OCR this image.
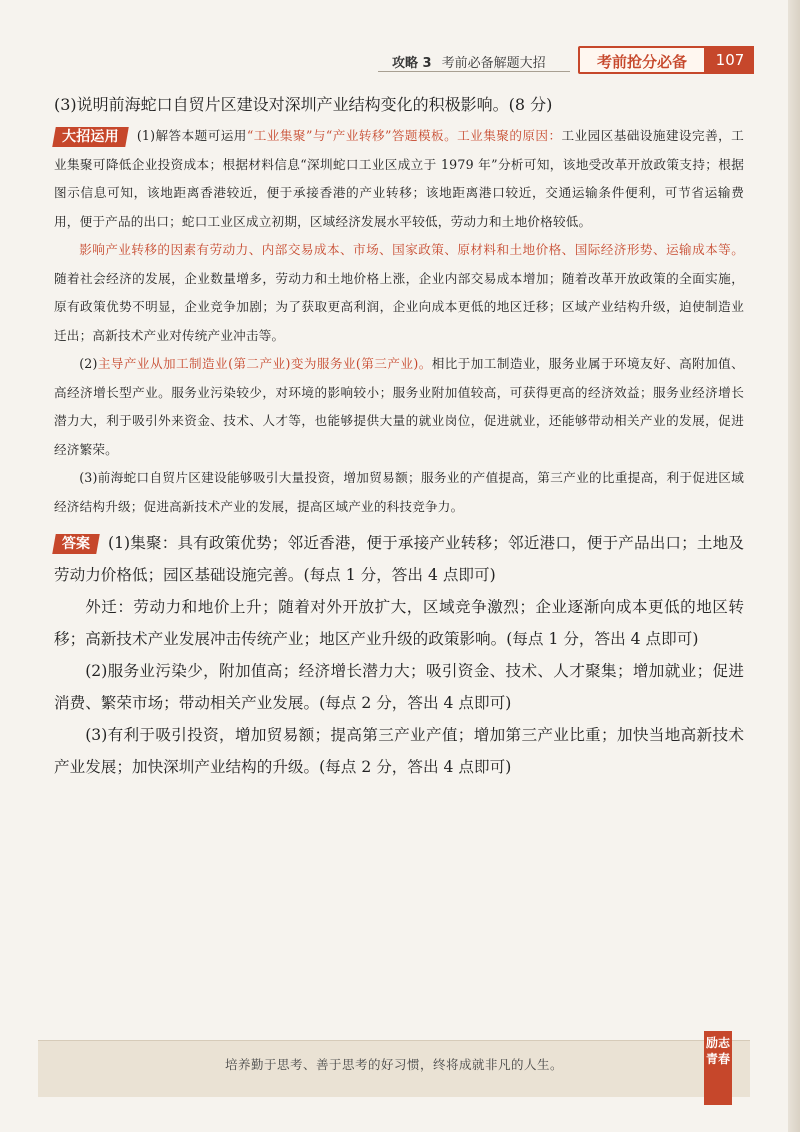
攻略 3 考前必备解题大招	考前抢分必备	107
(3)说明前海蛇口自贸片区建设对深圳产业结构变化的积极影响。(8 分)

大招运用 (1)解答本题可运用“工业集聚”与“产业转移”答题模板。工业集聚的原因：工业园区基础设施建设完善，工业集聚可降低企业投资成本；根据材料信息“深圳蛇口工业区成立于 1979 年”分析可知，该地受改革开放政策支持；根据图示信息可知，该地距离香港较近，便于承接香港的产业转移；该地距离港口较近，交通运输条件便利，可节省运输费用，便于产品的出口；蛇口工业区成立初期，区域经济发展水平较低，劳动力和土地价格较低。

影响产业转移的因素有劳动力、内部交易成本、市场、国家政策、原材料和土地价格、国际经济形势、运输成本等。随着社会经济的发展，企业数量增多，劳动力和土地价格上涨，企业内部交易成本增加；随着改革开放政策的全面实施，原有政策优势不明显，企业竞争加剧；为了获取更高利润，企业向成本更低的地区迁移；区域产业结构升级，迫使制造业迁出；高新技术产业对传统产业冲击等。

(2)主导产业从加工制造业(第二产业)变为服务业(第三产业)。相比于加工制造业，服务业属于环境友好、高附加值、高经济增长型产业。服务业污染较少，对环境的影响较小；服务业附加值较高，可获得更高的经济效益；服务业经济增长潜力大，利于吸引外来资金、技术、人才等，也能够提供大量的就业岗位，促进就业，还能够带动相关产业的发展，促进经济繁荣。

(3)前海蛇口自贸片区建设能够吸引大量投资，增加贸易额；服务业的产值提高，第三产业的比重提高，利于促进区域经济结构升级；促进高新技术产业的发展，提高区域产业的科技竞争力。

答案 (1)集聚：具有政策优势；邻近香港，便于承接产业转移；邻近港口，便于产品出口；土地及劳动力价格低；园区基础设施完善。(每点 1 分，答出 4 点即可)

外迁：劳动力和地价上升；随着对外开放扩大，区域竞争激烈；企业逐渐向成本更低的地区转移；高新技术产业发展冲击传统产业；地区产业升级的政策影响。(每点 1 分，答出 4 点即可)

(2)服务业污染少，附加值高；经济增长潜力大；吸引资金、技术、人才聚集；增加就业；促进消费、繁荣市场；带动相关产业发展。(每点 2 分，答出 4 点即可)

(3)有利于吸引投资，增加贸易额；提高第三产业产值；增加第三产业比重；加快当地高新技术产业发展；加快深圳产业结构的升级。(每点 2 分，答出 4 点即可)

培养勤于思考、善于思考的好习惯，终将成就非凡的人生。
励志青春
